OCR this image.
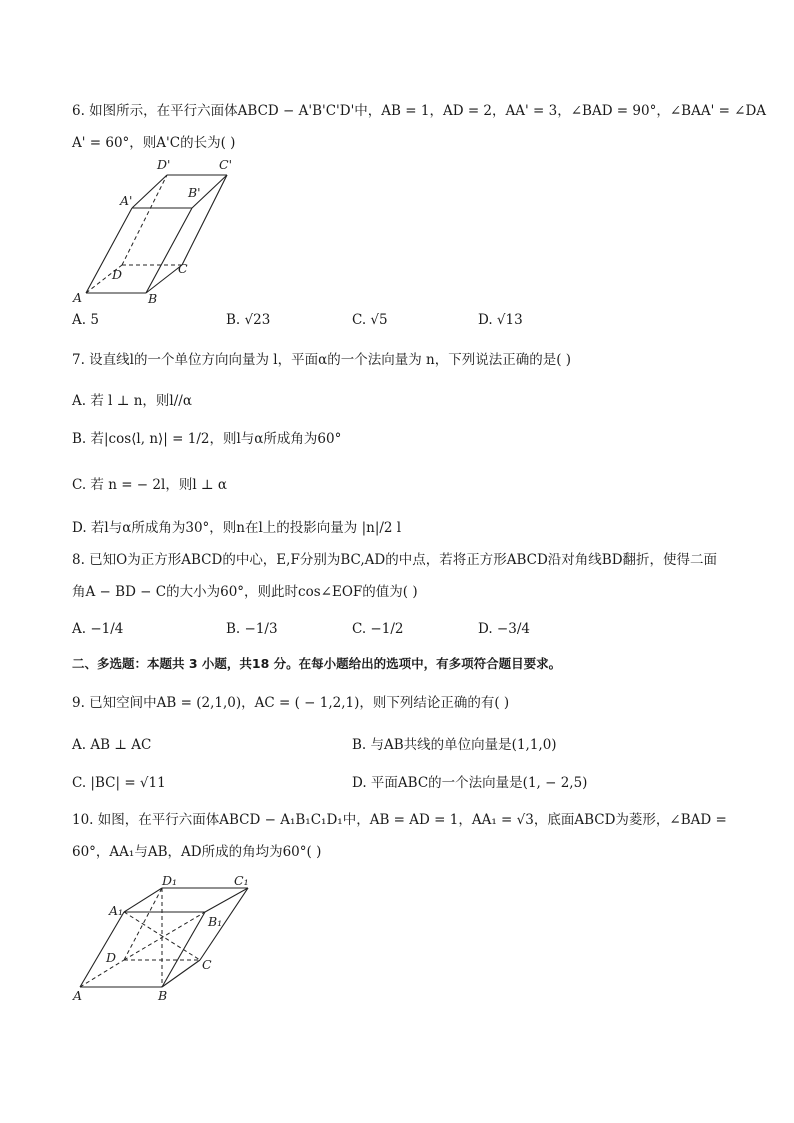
6. 如图所示，在平行六面体ABCD − A'B'C'D'中，AB = 1，AD = 2，AA' = 3，∠BAD = 90°，∠BAA' = ∠DA
A' = 60°，则A'C的长为( )
D'	C'
A'
B'
D	C
A	B
A. 5	B. √23	C. √5	D. √13
7. 设直线l的一个单位方向向量为 l，平面α的一个法向量为 n，下列说法正确的是( )
A. 若 l ⊥ n，则l//α
B. 若|cos⟨l, n⟩| = 1/2，则l与α所成角为60°
C. 若 n = − 2l，则l ⊥ α
D. 若l与α所成角为30°，则n在l上的投影向量为 |n|/2 l
8. 已知O为正方形ABCD的中心，E,F分别为BC,AD的中点，若将正方形ABCD沿对角线BD翻折，使得二面
角A − BD − C的大小为60°，则此时cos∠EOF的值为( )
A. −1/4	B. −1/3	C. −1/2	D. −3/4
二、多选题：本题共 3 小题，共18 分。在每小题给出的选项中，有多项符合题目要求。
9. 已知空间中AB = (2,1,0)，AC = ( − 1,2,1)，则下列结论正确的有( )
A. AB ⊥ AC	B. 与AB共线的单位向量是(1,1,0)
C. |BC| = √11	D. 平面ABC的一个法向量是(1, − 2,5)
10. 如图，在平行六面体ABCD − A₁B₁C₁D₁中，AB = AD = 1，AA₁ = √3，底面ABCD为菱形，∠BAD =
60°，AA₁与AB，AD所成的角均为60°( )
D₁	C₁
A₁
B₁
D	C
A	B
